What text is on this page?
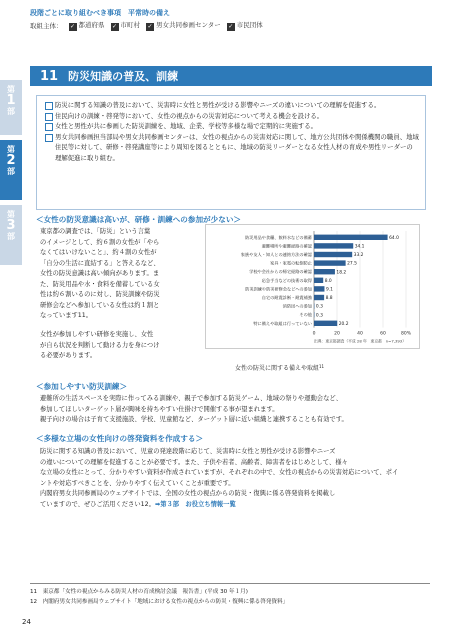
第
1
部
第
2
部
第
3
部
段階ごとに取り組むべき事項　平常時の備え
取組主体： ✓ 都道府県 ✓ 市町村 ✓ 男女共同参画センター ✓ 市民団体
11 防災知識の普及、訓練
防災に関する知識の普及において、災害時に女性と男性が受ける影響やニーズの違いについての理解を促進する。
住民向けの訓練・啓発等において、女性の視点からの災害対応について考える機会を設ける。
女性と男性が共に参画した防災訓練を、地域、企業、学校等多様な場で定期的に実施する。
男女共同参画担当部局や男女共同参画センターは、女性の視点からの災害対応に関して、地方公共団体や関係機関の職員、地域住民等に対して、研修・啓発講座等により周知を図るとともに、地域の防災リーダーとなる女性人材の育成や男性リーダーの理解促進に取り組む。
＜女性の防災意識は高いが、研修・訓練への参加が少ない＞
東京都の調査では、「防災」という言葉
のイメージとして、約６割の女性が「やら
なくてはいけないこと」、約４割の女性が
「自分の生活に直結する」と答えるなど、
女性の防災意識は高い傾向があります。ま
た、防災用品や水・食料を備蓄している女
性は約６割いるのに対し、防災訓練や防災
研修会などへ参加している女性は約１割と
なっています11。
女性が参加しやすい研修を実施し、女性
が自ら状況を判断して動ける力を身につけ
る必要があります。
0	20	40	60	80%
防災用品や食糧、飲料水などの備蓄	64.0
避難場所や避難経路の確認	34.1
家族や友人・知人との連絡方法の確認	33.2
家具・家電の転倒防止	27.5
学校や会社からの帰宅経路の確認	18.2
応急手当などの技術の取得	8.0
防災訓練や防災研修会などへの参加	9.1
自宅の耐震診断・耐震補強	8.8
消防団への参加 0.3
その他 0.3
特に備えや取組は行っていない	20.2
出典：東京都調査（平成 28 年　東京都　n=7,393）
女性の防災に関する備えや取組$^{11}$
＜参加しやすい防災訓練＞
避難所の生活スペースを実際に作ってみる訓練や、親子で参加する防災ゲーム、地域の祭りや運動会など、
参加してほしいターゲット層が興味を持ちやすい仕掛けで開催する事が望まれます。
親子向けの場合は子育て支援施設、学校、児童館など、ターゲット層に近い組織と連携することも有効です。
＜多様な立場の女性向けの啓発資料を作成する＞
防災に関する知識の普及において、児童の発達段階に応じて、災害時に女性と男性が受ける影響やニーズ
の違いについての理解を促進することが必要です。また、子供や若者、高齢者、障害者をはじめとして、様々
な立場の女性にとって、分かりやすい資料が作成されていますが、それぞれの中で、女性の視点からの災害対応について、ポイ
ントや対応すべきことを、分かりやすく伝えていくことが重要です。
内閣府男女共同参画局のウェブサイトでは、全国の女性の視点からの防災・復興に係る啓発資料を掲載し
ていますので、ぜひご活用ください12。➡第３部　お役立ち情報一覧
11　東京都「女性の視点からみる防災人材の育成検討会議　報告書」(平成 30 年１月)
12　内閣府男女共同参画局ウェブサイト「地域における女性の視点からの防災・復興に係る啓発資料」
24
